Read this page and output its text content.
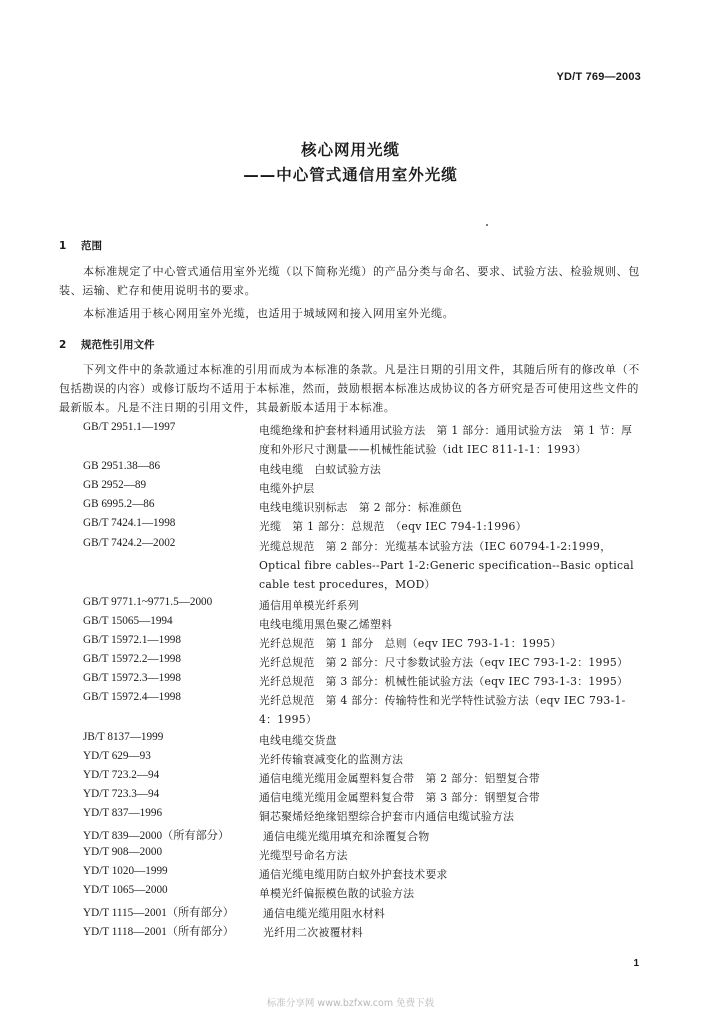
YD/T 769—2003
核心网用光缆
——中心管式通信用室外光缆
1 范围
本标准规定了中心管式通信用室外光缆（以下简称光缆）的产品分类与命名、要求、试验方法、检验规则、包装、运输、贮存和使用说明书的要求。
本标准适用于核心网用室外光缆，也适用于城域网和接入网用室外光缆。
2 规范性引用文件
下列文件中的条款通过本标准的引用而成为本标准的条款。凡是注日期的引用文件，其随后所有的修改单（不包括勘误的内容）或修订版均不适用于本标准，然而，鼓励根据本标准达成协议的各方研究是否可使用这些文件的最新版本。凡是不注日期的引用文件，其最新版本适用于本标准。
GB/T 2951.1—1997	电缆绝缘和护套材料通用试验方法　第 1 部分：通用试验方法　第 1 节：厚度和外形尺寸测量——机械性能试验（idt IEC 811-1-1：1993）
GB 2951.38—86	电线电缆　白蚁试验方法
GB 2952—89	电缆外护层
GB 6995.2—86	电线电缆识别标志　第 2 部分：标准颜色
GB/T 7424.1—1998	光缆　第 1 部分：总规范　（eqv IEC 794-1:1996）
GB/T 7424.2—2002	光缆总规范　第 2 部分：光缆基本试验方法（IEC 60794-1-2:1999，Optical fibre cables--Part 1-2:Generic specification--Basic optical cable test procedures，MOD）
GB/T 9771.1~9771.5—2000	通信用单模光纤系列
GB/T 15065—1994	电线电缆用黑色聚乙烯塑料
GB/T 15972.1—1998	光纤总规范　第 1 部分　总则（eqv IEC 793-1-1：1995）
GB/T 15972.2—1998	光纤总规范　第 2 部分：尺寸参数试验方法（eqv IEC 793-1-2：1995）
GB/T 15972.3—1998	光纤总规范　第 3 部分：机械性能试验方法（eqv IEC 793-1-3：1995）
GB/T 15972.4—1998	光纤总规范　第 4 部分：传输特性和光学特性试验方法（eqv IEC 793-1-4：1995）
JB/T 8137—1999	电线电缆交货盘
YD/T 629—93	光纤传输衰减变化的监测方法
YD/T 723.2—94	通信电缆光缆用金属塑料复合带　第 2 部分：铝塑复合带
YD/T 723.3—94	通信电缆光缆用金属塑料复合带　第 3 部分：钢塑复合带
YD/T 837—1996	铜芯聚烯烃绝缘铝塑综合护套市内通信电缆试验方法
YD/T 839—2000（所有部分）	通信电缆光缆用填充和涂覆复合物
YD/T 908—2000	光缆型号命名方法
YD/T 1020—1999	通信光缆电缆用防白蚁外护套技术要求
YD/T 1065—2000	单模光纤偏振模色散的试验方法
YD/T 1115—2001（所有部分）	通信电缆光缆用阻水材料
YD/T 1118—2001（所有部分）	光纤用二次被覆材料
1
标准分享网 www.bzfxw.com 免费下载
